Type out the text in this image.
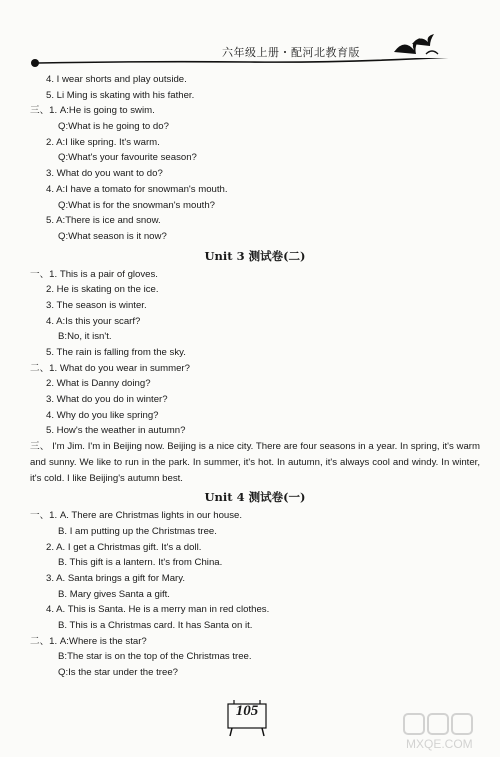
六年级上册・配河北教育版
4. I wear shorts and play outside.
5. Li Ming is skating with his father.
三、1. A:He is going to swim.
Q:What is he going to do?
2. A:I like spring. It's warm.
Q:What's your favourite season?
3. What do you want to do?
4. A:I have a tomato for snowman's mouth.
Q:What is for the snowman's mouth?
5. A:There is ice and snow.
Q:What season is it now?
Unit 3 测试卷(二)
一、1. This is a pair of gloves.
2. He is skating on the ice.
3. The season is winter.
4. A:Is this your scarf?
B:No, it isn't.
5. The rain is falling from the sky.
二、1. What do you wear in summer?
2. What is Danny doing?
3. What do you do in winter?
4. Why do you like spring?
5. How's the weather in autumn?
三、 I'm Jim. I'm in Beijing now. Beijing is a nice city. There are four seasons in a year. In spring, it's warm and sunny. We like to run in the park. In summer, it's hot. In autumn, it's always cool and windy. In winter, it's cold. I like Beijing's autumn best.
Unit 4 测试卷(一)
一、1. A. There are Christmas lights in our house.
B. I am putting up the Christmas tree.
2. A. I get a Christmas gift. It's a doll.
B. This gift is a lantern. It's from China.
3. A. Santa brings a gift for Mary.
B. Mary gives Santa a gift.
4. A. This is Santa. He is a merry man in red clothes.
B. This is a Christmas card. It has Santa on it.
二、1. A:Where is the star?
B:The star is on the top of the Christmas tree.
Q:Is the star under the tree?
105
MXQE.COM
